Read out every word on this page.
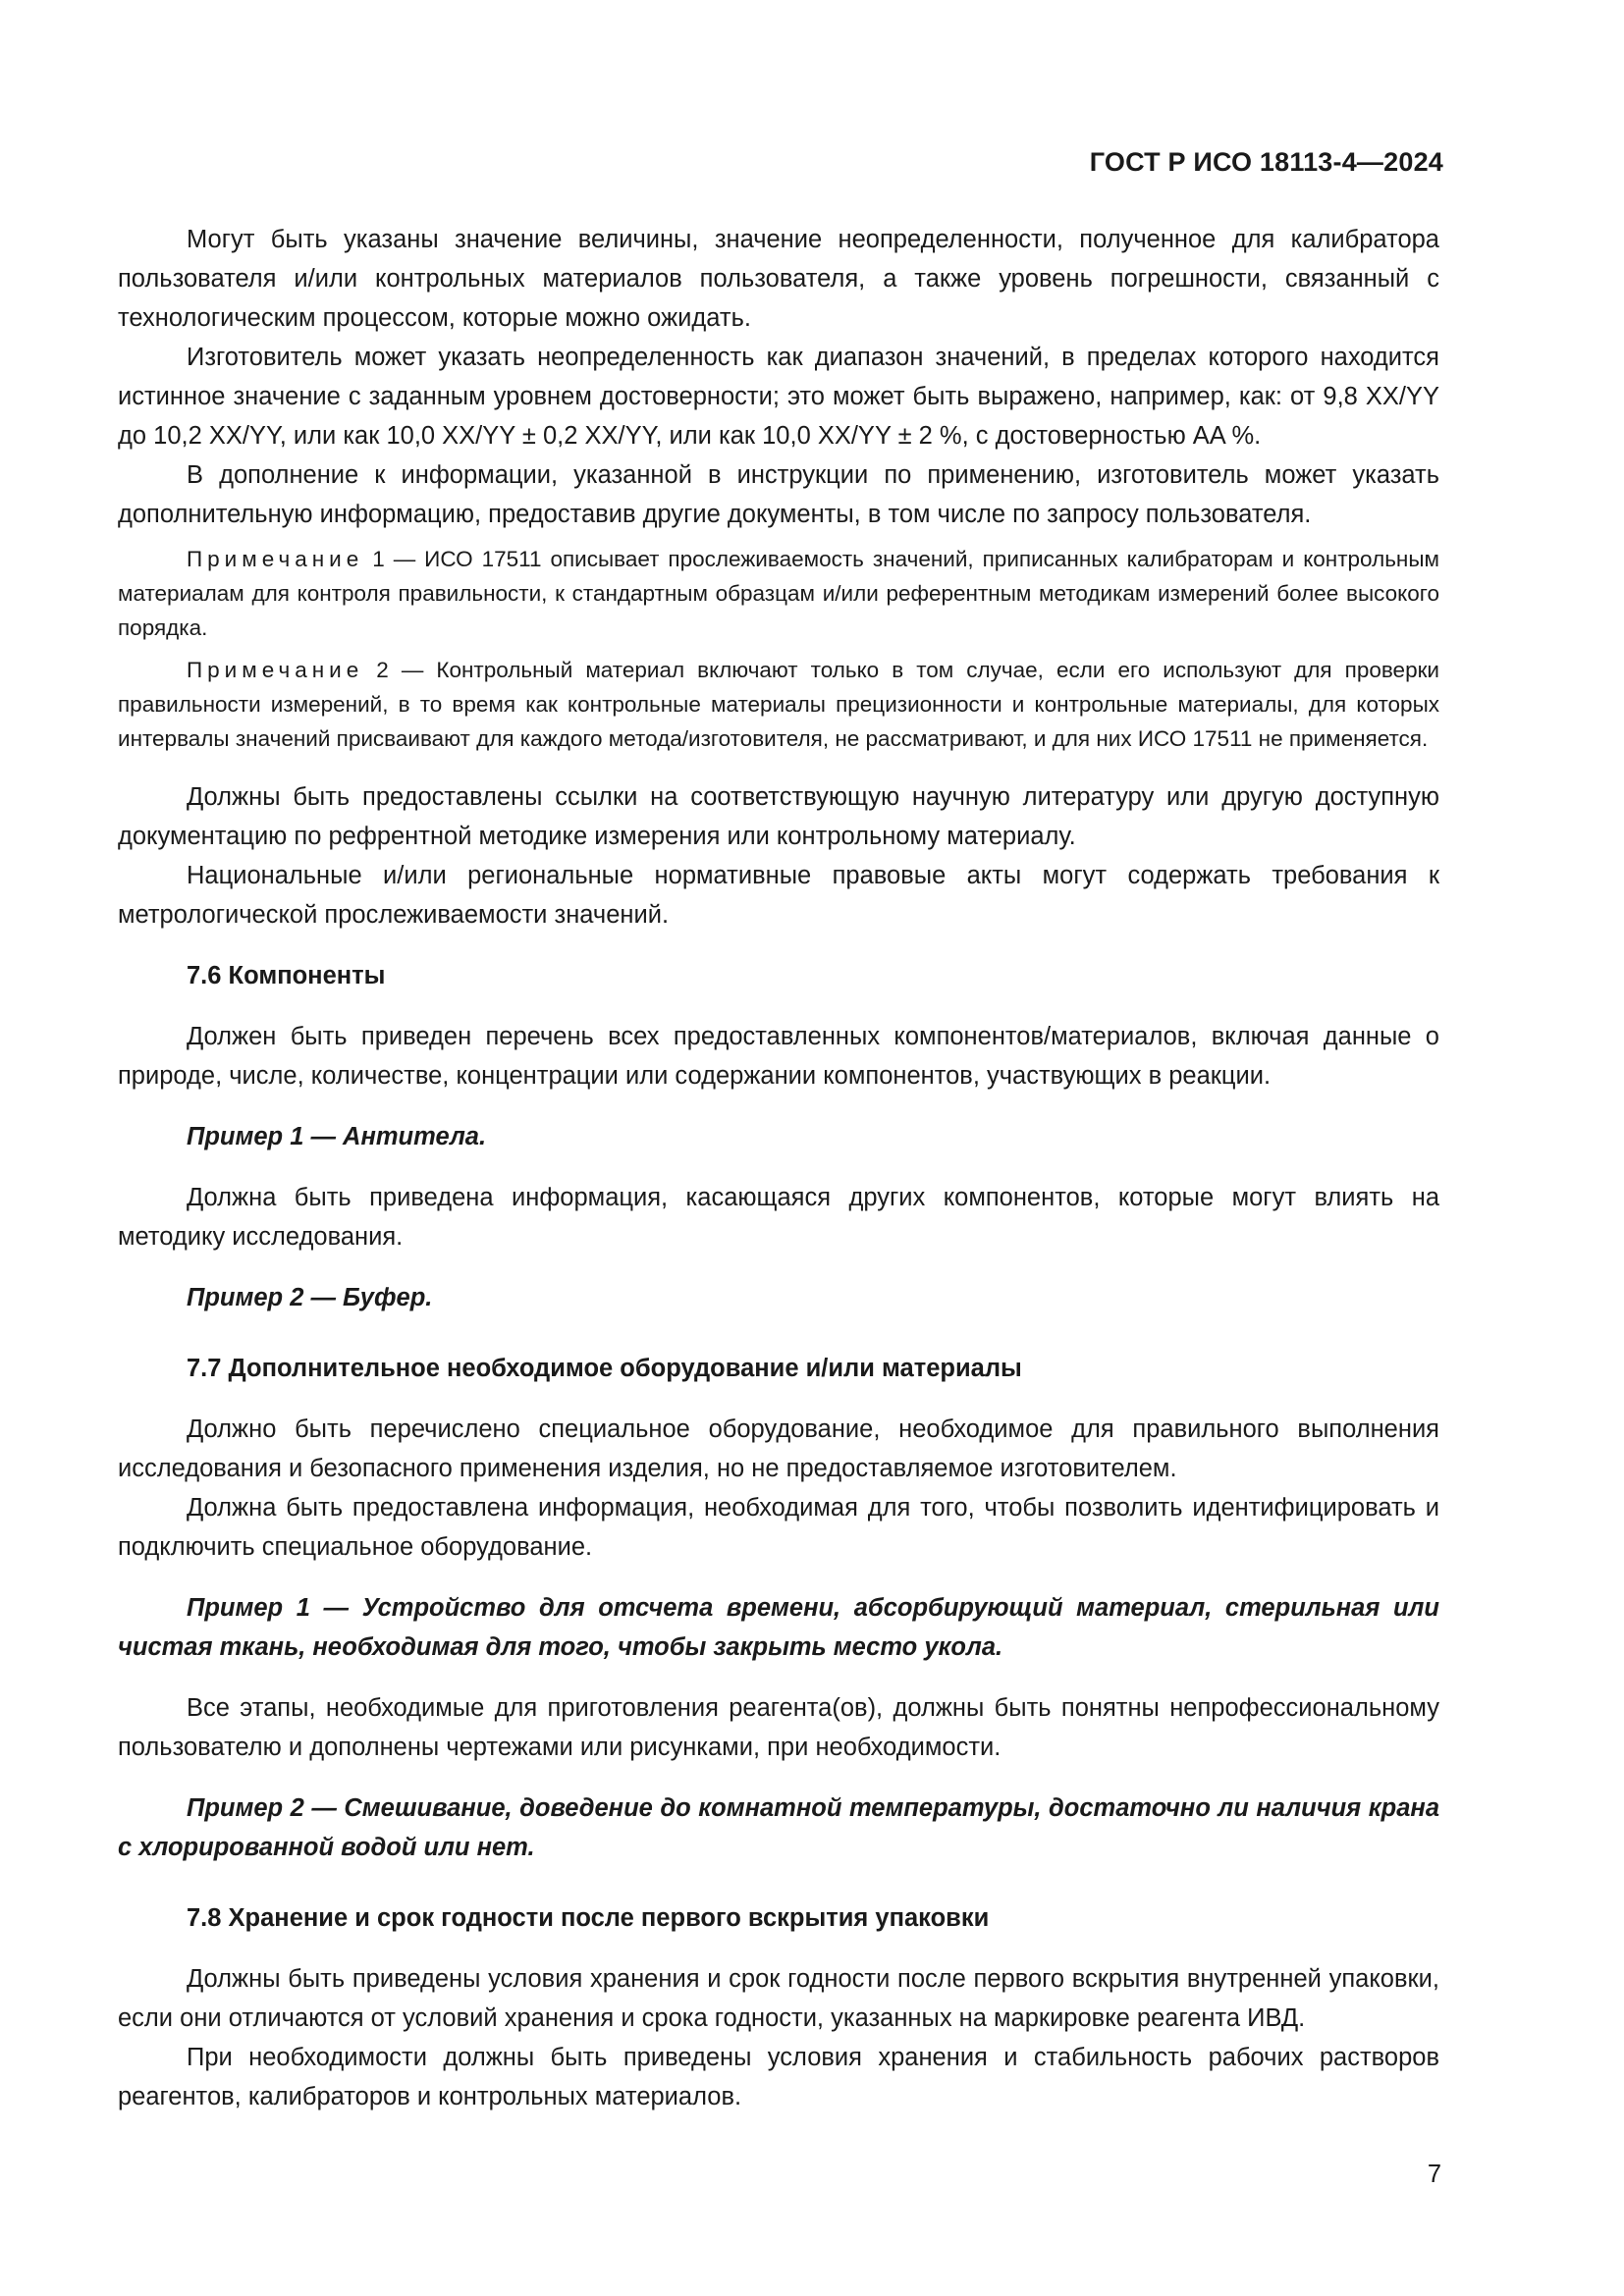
ГОСТ Р ИСО 18113-4—2024

Могут быть указаны значение величины, значение неопределенности, полученное для калибратора пользователя и/или контрольных материалов пользователя, а также уровень погрешности, связанный с технологическим процессом, которые можно ожидать.

Изготовитель может указать неопределенность как диапазон значений, в пределах которого находится истинное значение с заданным уровнем достоверности; это может быть выражено, например, как: от 9,8 XX/YY до 10,2 XX/YY, или как 10,0 XX/YY ± 0,2 XX/YY, или как 10,0 XX/YY ± 2 %, с достоверностью AA %.

В дополнение к информации, указанной в инструкции по применению, изготовитель может указать дополнительную информацию, предоставив другие документы, в том числе по запросу пользователя.

Примечание 1 — ИСО 17511 описывает прослеживаемость значений, приписанных калибраторам и контрольным материалам для контроля правильности, к стандартным образцам и/или референтным методикам измерений более высокого порядка.

Примечание 2 — Контрольный материал включают только в том случае, если его используют для проверки правильности измерений, в то время как контрольные материалы прецизионности и контрольные материалы, для которых интервалы значений присваивают для каждого метода/изготовителя, не рассматривают, и для них ИСО 17511 не применяется.

Должны быть предоставлены ссылки на соответствующую научную литературу или другую доступную документацию по рефрентной методике измерения или контрольному материалу.

Национальные и/или региональные нормативные правовые акты могут содержать требования к метрологической прослеживаемости значений.

7.6 Компоненты

Должен быть приведен перечень всех предоставленных компонентов/материалов, включая данные о природе, числе, количестве, концентрации или содержании компонентов, участвующих в реакции.

Пример 1 — Антитела.

Должна быть приведена информация, касающаяся других компонентов, которые могут влиять на методику исследования.

Пример 2 — Буфер.

7.7 Дополнительное необходимое оборудование и/или материалы

Должно быть перечислено специальное оборудование, необходимое для правильного выполнения исследования и безопасного применения изделия, но не предоставляемое изготовителем.

Должна быть предоставлена информация, необходимая для того, чтобы позволить идентифицировать и подключить специальное оборудование.

Пример 1 — Устройство для отсчета времени, абсорбирующий материал, стерильная или чистая ткань, необходимая для того, чтобы закрыть место укола.

Все этапы, необходимые для приготовления реагента(ов), должны быть понятны непрофессиональному пользователю и дополнены чертежами или рисунками, при необходимости.

Пример 2 — Смешивание, доведение до комнатной температуры, достаточно ли наличия крана с хлорированной водой или нет.

7.8 Хранение и срок годности после первого вскрытия упаковки

Должны быть приведены условия хранения и срок годности после первого вскрытия внутренней упаковки, если они отличаются от условий хранения и срока годности, указанных на маркировке реагента ИВД.

При необходимости должны быть приведены условия хранения и стабильность рабочих растворов реагентов, калибраторов и контрольных материалов.

7
